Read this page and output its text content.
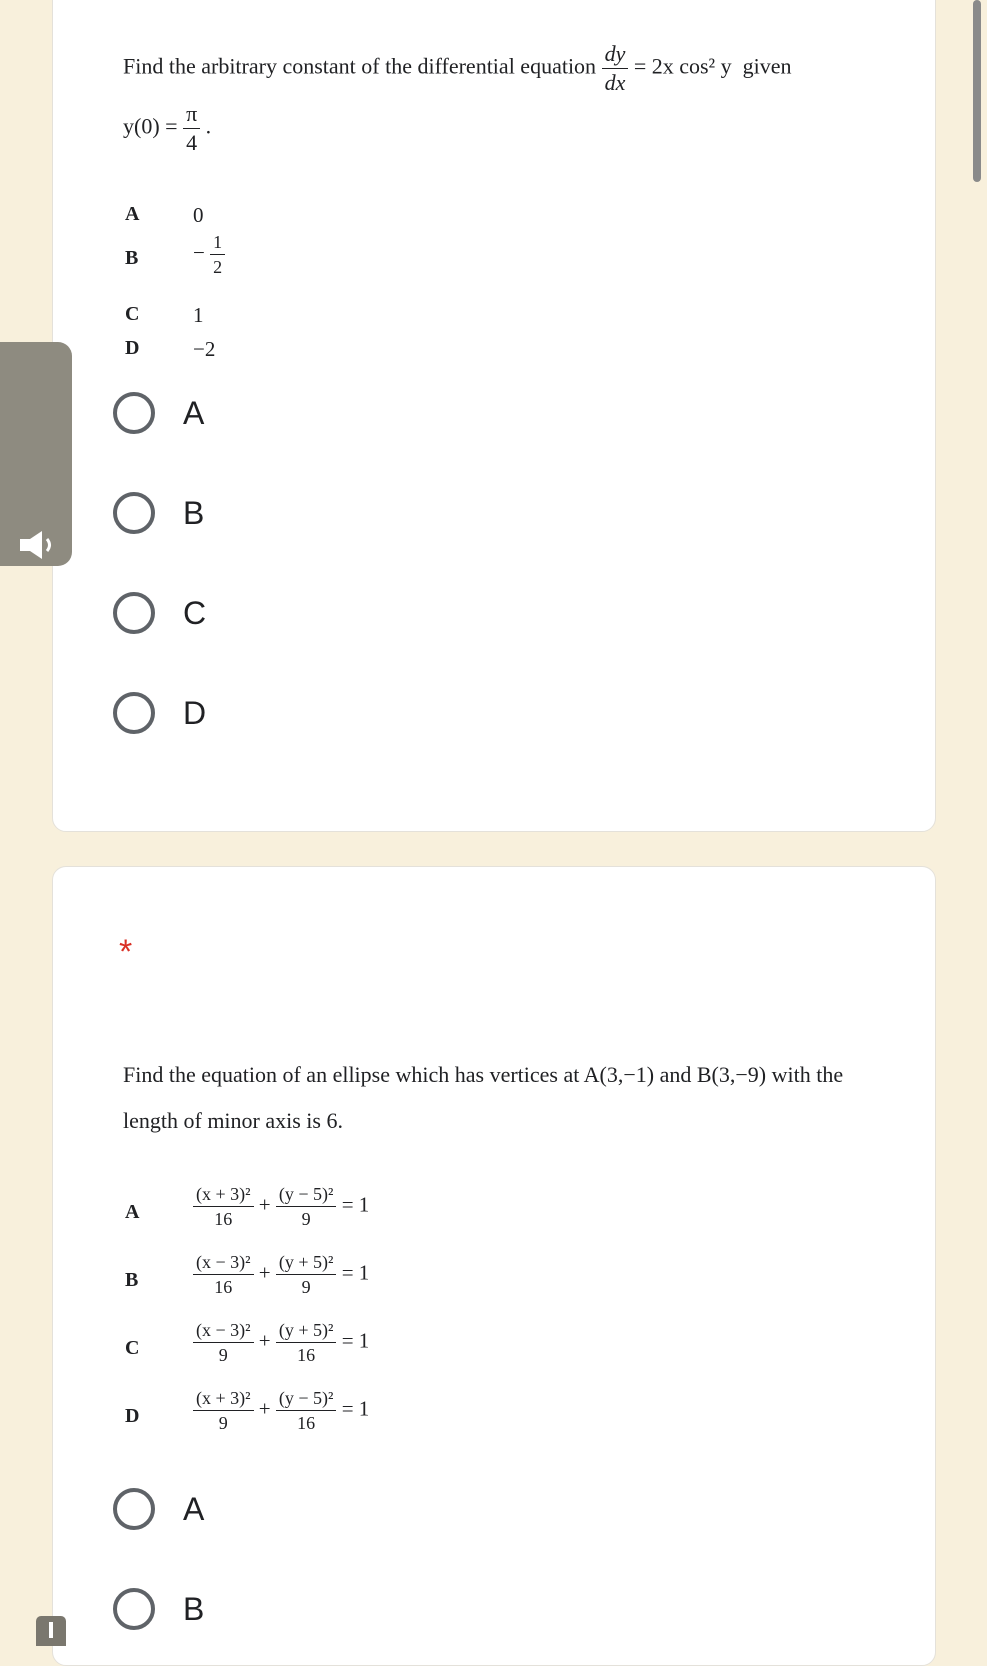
Find the arbitrary constant of the differential equation $\frac{dy}{dx} = 2x$ cos² y given
$y(0) = \frac{\pi}{4}$ .
A	0
B	− $\frac{1}{2}$
C	1
D	−2
A
B
C
D
*
Find the equation of an ellipse which has vertices at A(3,−1) and B(3,−9) with the
length of minor axis is 6.
A	$\frac{\text{(x + 3)²}}{16} + \frac{\text{(y − 5)²}}{9} = 1$
B	$\frac{\text{(x − 3)²}}{16} + \frac{\text{(y + 5)²}}{9} = 1$
C	$\frac{\text{(x − 3)²}}{9} + \frac{\text{(y + 5)²}}{16} = 1$
D	$\frac{\text{(x + 3)²}}{9} + \frac{\text{(y − 5)²}}{16} = 1$
A
B
